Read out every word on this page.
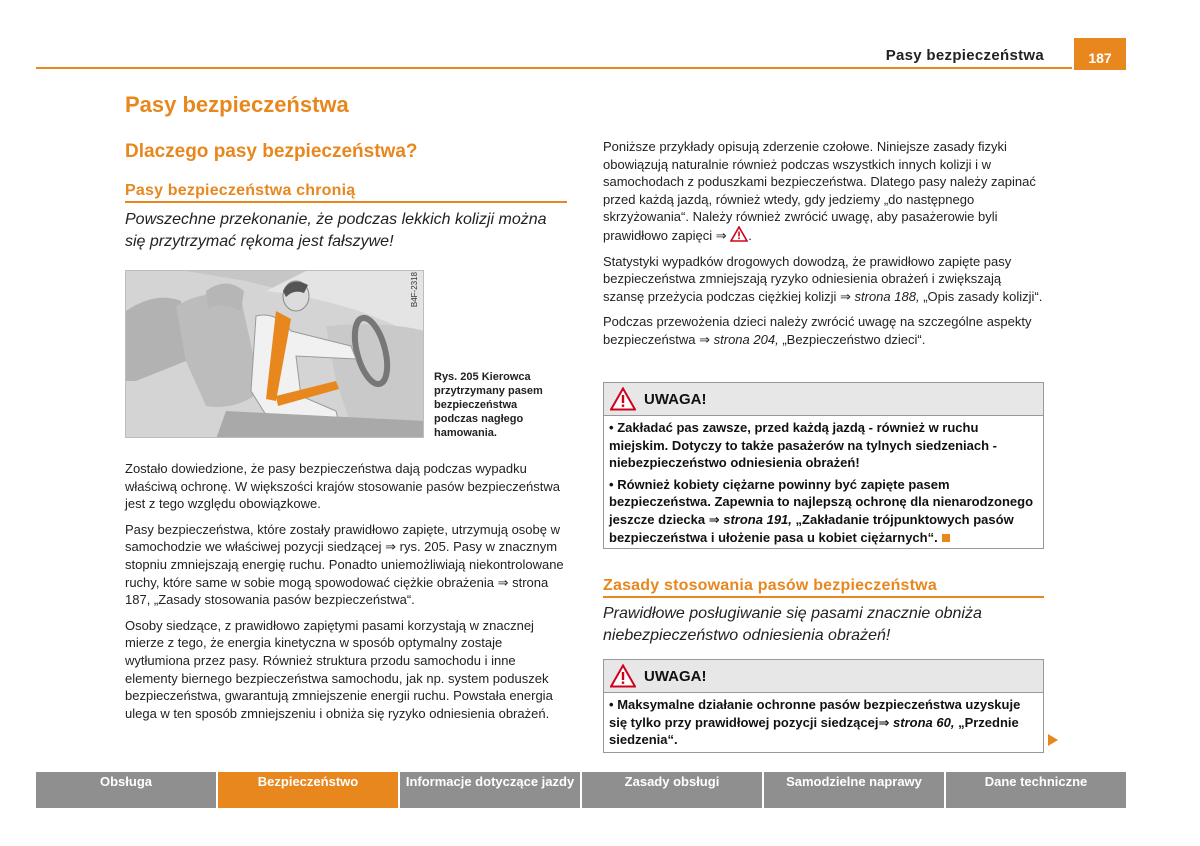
Pasy bezpieczeństwa	187
Pasy bezpieczeństwa
Dlaczego pasy bezpieczeństwa?
Pasy bezpieczeństwa chronią
Powszechne przekonanie, że podczas lekkich kolizji można się przytrzymać rękoma jest fałszywe!
B4F-2318
Rys. 205 Kierowca przytrzymany pasem bezpieczeństwa podczas nagłego hamowania.

Zostało dowiedzione, że pasy bezpieczeństwa dają podczas wypadku właściwą ochronę. W większości krajów stosowanie pasów bezpieczeństwa jest z tego względu obowiązkowe.

Pasy bezpieczeństwa, które zostały prawidłowo zapięte, utrzymują osobę w samochodzie we właściwej pozycji siedzącej ⇒ rys. 205. Pasy w znacznym stopniu zmniejszają energię ruchu. Ponadto uniemożliwiają niekontrolowane ruchy, które same w sobie mogą spowodować ciężkie obrażenia ⇒ strona 187, „Zasady stosowania pasów bezpieczeństwa“.

Osoby siedzące, z prawidłowo zapiętymi pasami korzystają w znacznej mierze z tego, że energia kinetyczna w sposób optymalny zostaje wytłumiona przez pasy. Również struktura przodu samochodu i inne elementy biernego bezpieczeństwa samochodu, jak np. system poduszek bezpieczeństwa, gwarantują zmniejszenie energii ruchu. Powstała energia ulega w ten sposób zmniejszeniu i obniża się ryzyko odniesienia obrażeń.

Poniższe przykłady opisują zderzenie czołowe. Niniejsze zasady fizyki obowiązują naturalnie również podczas wszystkich innych kolizji i w samochodach z poduszkami bezpieczeństwa. Dlatego pasy należy zapinać przed każdą jazdą, również wtedy, gdy jedziemy „do następnego skrzyżowania“. Należy również zwrócić uwagę, aby pasażerowie byli prawidłowo zapięci ⇒ .

Statystyki wypadków drogowych dowodzą, że prawidłowo zapięte pasy bezpieczeństwa zmniejszają ryzyko odniesienia obrażeń i zwiększają szansę przeżycia podczas ciężkiej kolizji ⇒ strona 188, „Opis zasady kolizji“.

Podczas przewożenia dzieci należy zwrócić uwagę na szczególne aspekty bezpieczeństwa ⇒ strona 204, „Bezpieczeństwo dzieci“.

UWAGA!

• Zakładać pas zawsze, przed każdą jazdą - również w ruchu miejskim. Dotyczy to także pasażerów na tylnych siedzeniach - niebezpieczeństwo odniesienia obrażeń!

• Również kobiety ciężarne powinny być zapięte pasem bezpieczeństwa. Zapewnia to najlepszą ochronę dla nienarodzonego jeszcze dziecka ⇒ strona 191, „Zakładanie trójpunktowych pasów bezpieczeństwa i ułożenie pasa u kobiet ciężarnych“.

Zasady stosowania pasów bezpieczeństwa
Prawidłowe posługiwanie się pasami znacznie obniża niebezpieczeństwo odniesienia obrażeń!
UWAGA!

• Maksymalne działanie ochronne pasów bezpieczeństwa uzyskuje się tylko przy prawidłowej pozycji siedzącej⇒ strona 60, „Przednie siedzenia“.

Obsługa	Bezpieczeństwo	Informacje dotyczące jazdy	Zasady obsługi	Samodzielne naprawy	Dane techniczne
